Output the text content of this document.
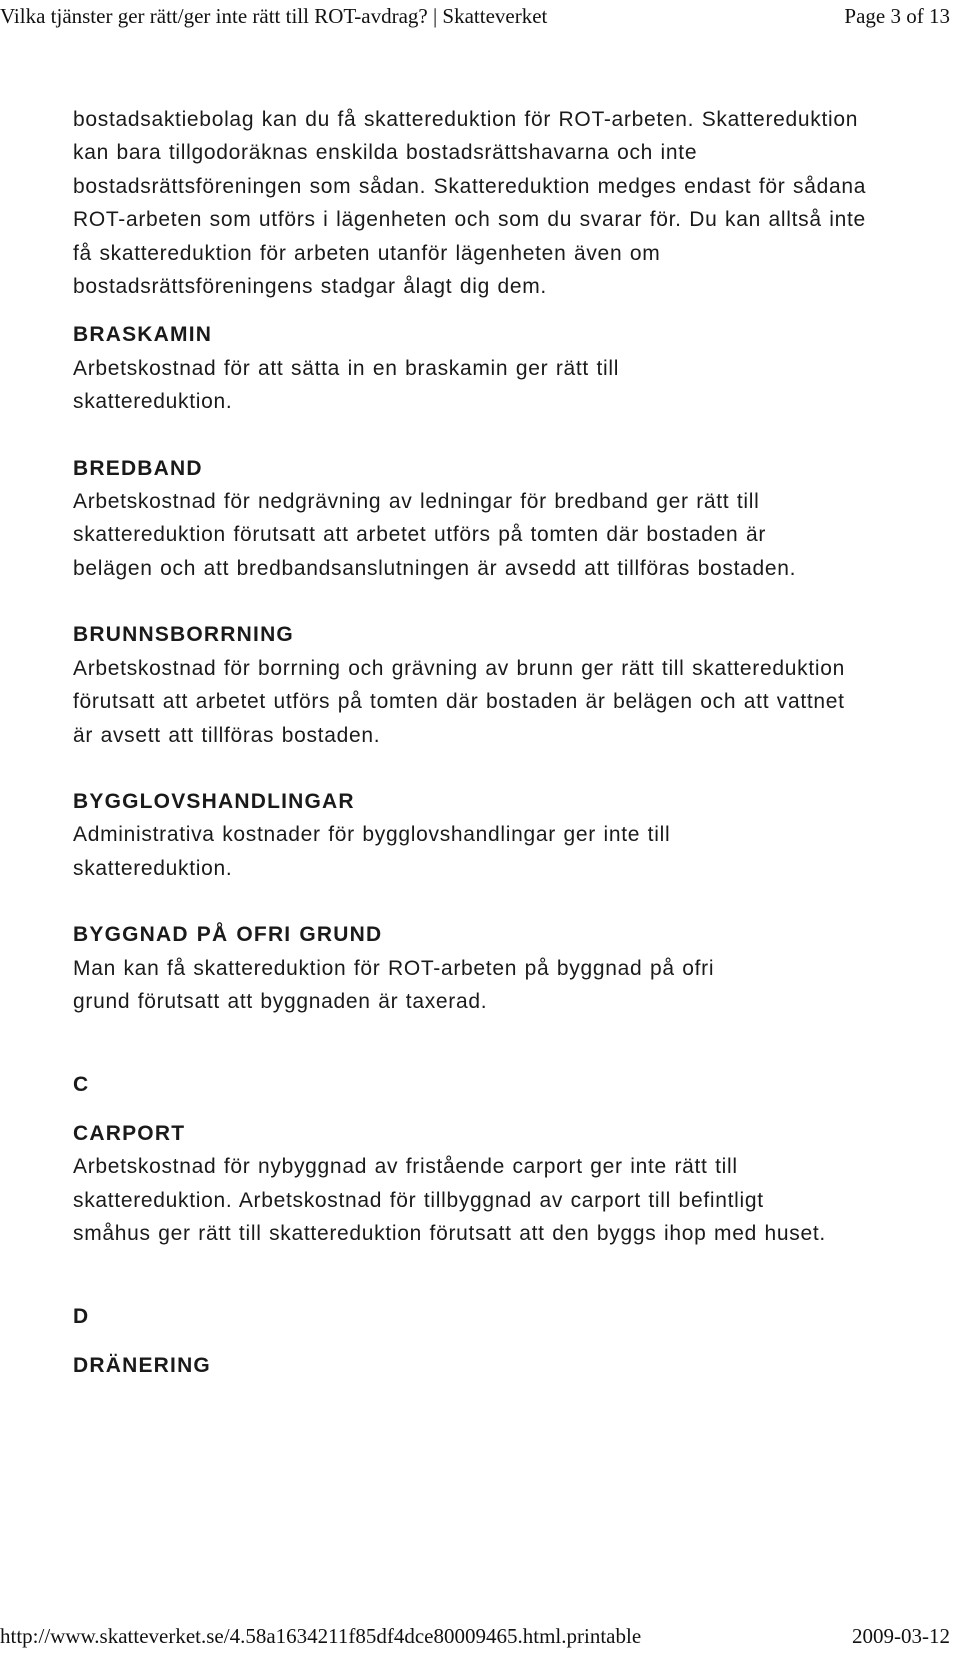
Vilka tjänster ger rätt/ger inte rätt till ROT-avdrag? | Skatteverket	Page 3 of 13

bostadsaktiebolag kan du få skattereduktion för ROT-arbeten. Skattereduktion kan bara tillgodoräknas enskilda bostadsrättshavarna och inte bostadsrättsföreningen som sådan. Skattereduktion medges endast för sådana ROT-arbeten som utförs i lägenheten och som du svarar för. Du kan alltså inte få skattereduktion för arbeten utanför lägenheten även om bostadsrättsföreningens stadgar ålagt dig dem.

BRASKAMIN
Arbetskostnad för att sätta in en braskamin ger rätt till skattereduktion.
BREDBAND
Arbetskostnad för nedgrävning av ledningar för bredband ger rätt till skattereduktion förutsatt att arbetet utförs på tomten där bostaden är belägen och att bredbandsanslutningen är avsedd att tillföras bostaden.
BRUNNSBORRNING
Arbetskostnad för borrning och grävning av brunn ger rätt till skattereduktion förutsatt att arbetet utförs på tomten där bostaden är belägen och att vattnet är avsett att tillföras bostaden.
BYGGLOVSHANDLINGAR
Administrativa kostnader för bygglovshandlingar ger inte till skattereduktion.
BYGGNAD PÅ OFRI GRUND
Man kan få skattereduktion för ROT-arbeten på byggnad på ofri grund förutsatt att byggnaden är taxerad.
C
CARPORT
Arbetskostnad för nybyggnad av fristående carport ger inte rätt till skattereduktion. Arbetskostnad för tillbyggnad av carport till befintligt småhus ger rätt till skattereduktion förutsatt att den byggs ihop med huset.
D
DRÄNERING
http://www.skatteverket.se/4.58a1634211f85df4dce80009465.html.printable	2009-03-12
